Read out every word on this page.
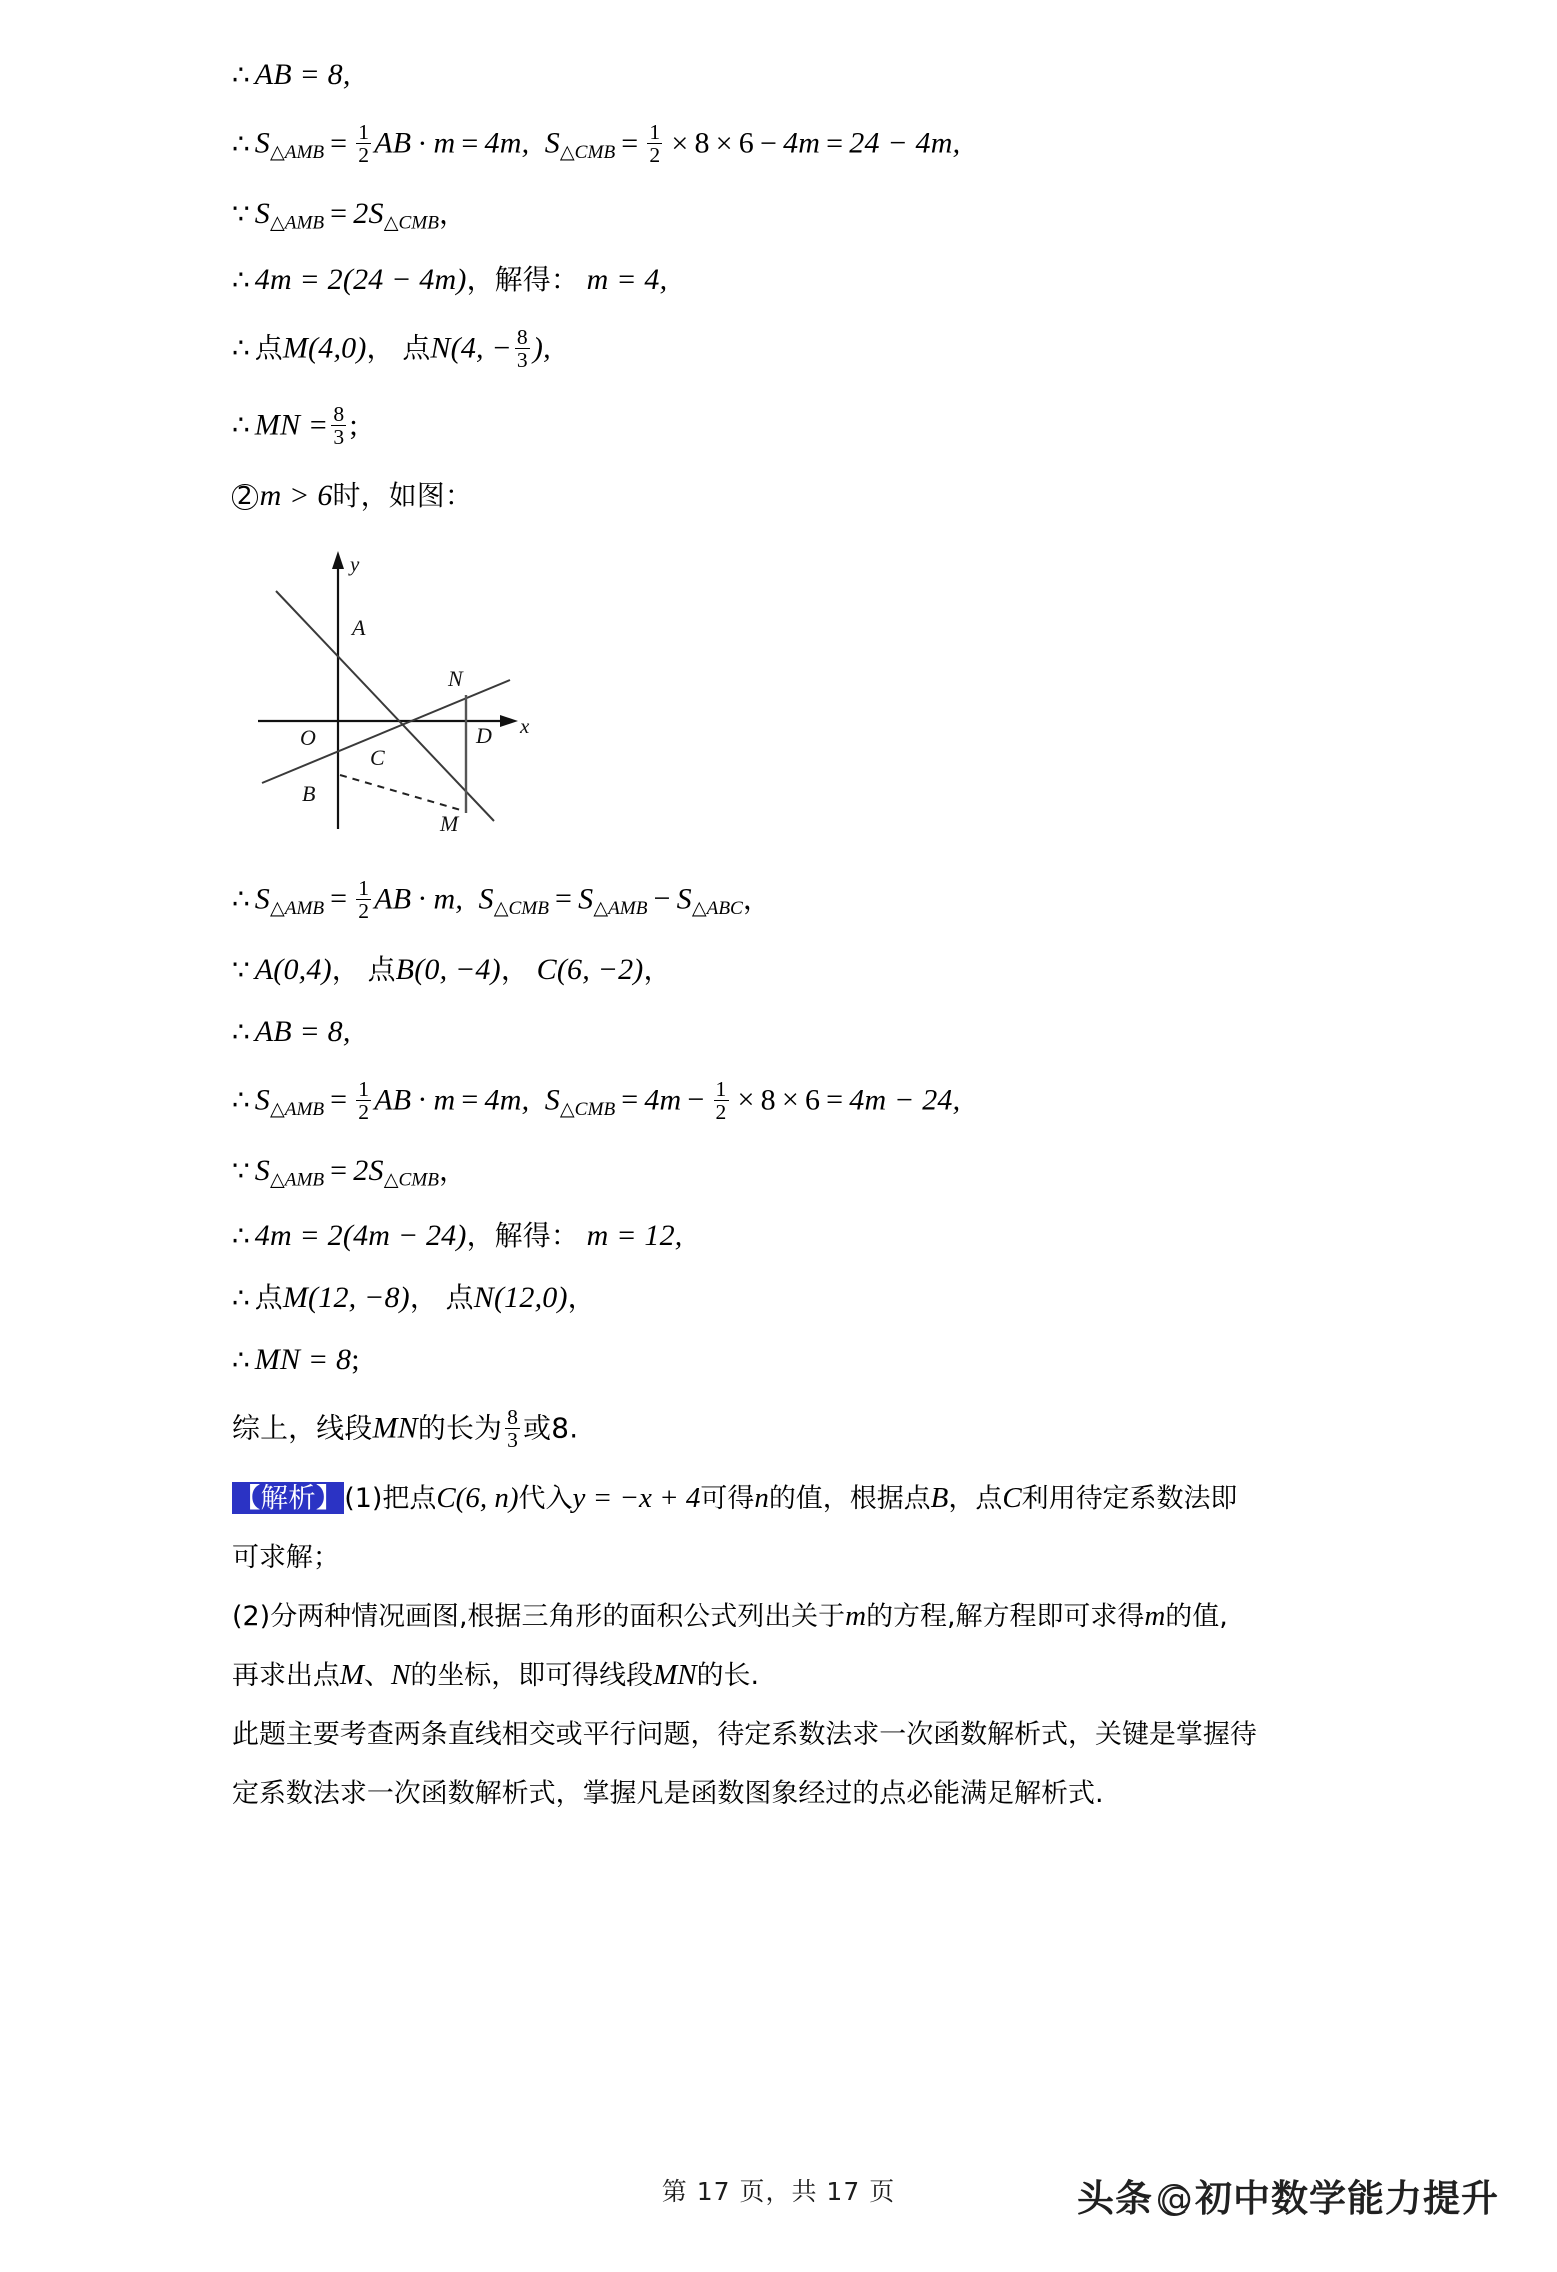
∴ AB = 8,
∴ $S_{\triangle AMB} = \frac{1}{2}$ AB · m = 4m, $S_{\triangle CMB} = \frac{1}{2} \times 8 \times 6 - 4m = 24 - 4m$,
∵ $S_{\triangle AMB} = 2S_{\triangle CMB}$，
∴ 4m = 2(24 − 4m)，解得： m = 4,
∴ 点M(4,0)， 点N(4, − $\frac{8}{3}$ ),
∴ MN = $\frac{8}{3}$ ;
2 m > 6时，如图：
y
x
O
A
B
C
N
D
M
∴ $S_{\triangle AMB} = \frac{1}{2}$ AB · m, $S_{\triangle CMB} = S_{\triangle AMB} - S_{\triangle ABC}$，
∵ A(0,4)， 点B(0, −4)， C(6, −2)，
∴ AB = 8,
∴ $S_{\triangle AMB} = \frac{1}{2}$ AB · m = 4m, $S_{\triangle CMB} = 4m - \frac{1}{2} \times 8 \times 6 = 4m - 24$,
∵ $S_{\triangle AMB} = 2S_{\triangle CMB}$，
∴ 4m = 2(4m − 24)，解得： m = 12,
∴ 点M(12, −8)， 点N(12,0)，
∴ MN = 8;
综上，线段MN的长为 $\frac{8}{3}$ 或8.
【解析】(1)把点C(6, n)代入y = −x + 4可得n的值，根据点B，点C利用待定系数法即
可求解；
(2)分两种情况画图,根据三角形的面积公式列出关于m的方程,解方程即可求得m的值,
再求出点M、N的坐标，即可得线段MN的长.
此题主要考查两条直线相交或平行问题，待定系数法求一次函数解析式，关键是掌握待
定系数法求一次函数解析式，掌握凡是函数图象经过的点必能满足解析式.
第 17 页，共 17 页	头条 @初中数学能力提升
